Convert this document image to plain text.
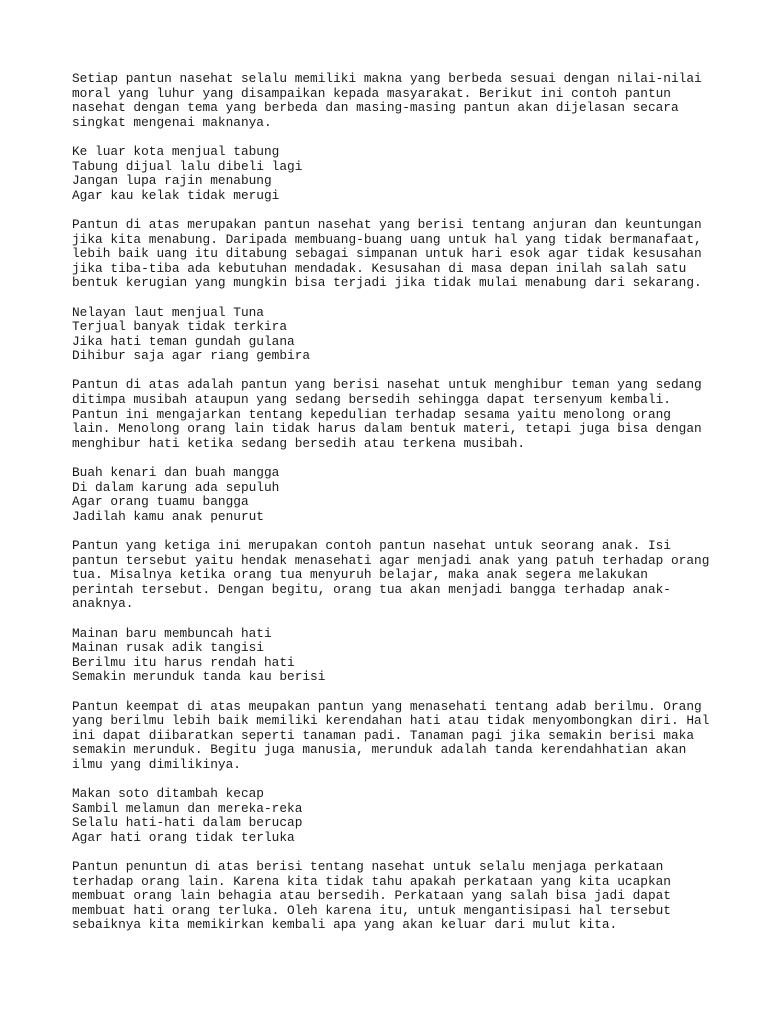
Setiap pantun nasehat selalu memiliki makna yang berbeda sesuai dengan nilai-nilai
moral yang luhur yang disampaikan kepada masyarakat. Berikut ini contoh pantun
nasehat dengan tema yang berbeda dan masing-masing pantun akan dijelasan secara
singkat mengenai maknanya.
Ke luar kota menjual tabung
Tabung dijual lalu dibeli lagi
Jangan lupa rajin menabung
Agar kau kelak tidak merugi
Pantun di atas merupakan pantun nasehat yang berisi tentang anjuran dan keuntungan
jika kita menabung. Daripada membuang-buang uang untuk hal yang tidak bermanafaat,
lebih baik uang itu ditabung sebagai simpanan untuk hari esok agar tidak kesusahan
jika tiba-tiba ada kebutuhan mendadak. Kesusahan di masa depan inilah salah satu
bentuk kerugian yang mungkin bisa terjadi jika tidak mulai menabung dari sekarang.
Nelayan laut menjual Tuna
Terjual banyak tidak terkira
Jika hati teman gundah gulana
Dihibur saja agar riang gembira
Pantun di atas adalah pantun yang berisi nasehat untuk menghibur teman yang sedang
ditimpa musibah ataupun yang sedang bersedih sehingga dapat tersenyum kembali.
Pantun ini mengajarkan tentang kepedulian terhadap sesama yaitu menolong orang
lain. Menolong orang lain tidak harus dalam bentuk materi, tetapi juga bisa dengan
menghibur hati ketika sedang bersedih atau terkena musibah.
Buah kenari dan buah mangga
Di dalam karung ada sepuluh
Agar orang tuamu bangga
Jadilah kamu anak penurut
Pantun yang ketiga ini merupakan contoh pantun nasehat untuk seorang anak. Isi
pantun tersebut yaitu hendak menasehati agar menjadi anak yang patuh terhadap orang
tua. Misalnya ketika orang tua menyuruh belajar, maka anak segera melakukan
perintah tersebut. Dengan begitu, orang tua akan menjadi bangga terhadap anak-
anaknya.
Mainan baru membuncah hati
Mainan rusak adik tangisi
Berilmu itu harus rendah hati
Semakin merunduk tanda kau berisi
Pantun keempat di atas meupakan pantun yang menasehati tentang adab berilmu. Orang
yang berilmu lebih baik memiliki kerendahan hati atau tidak menyombongkan diri. Hal
ini dapat diibaratkan seperti tanaman padi. Tanaman pagi jika semakin berisi maka
semakin merunduk. Begitu juga manusia, merunduk adalah tanda kerendahhatian akan
ilmu yang dimilikinya.
Makan soto ditambah kecap
Sambil melamun dan mereka-reka
Selalu hati-hati dalam berucap
Agar hati orang tidak terluka
Pantun penuntun di atas berisi tentang nasehat untuk selalu menjaga perkataan
terhadap orang lain. Karena kita tidak tahu apakah perkataan yang kita ucapkan
membuat orang lain behagia atau bersedih. Perkataan yang salah bisa jadi dapat
membuat hati orang terluka. Oleh karena itu, untuk mengantisipasi hal tersebut
sebaiknya kita memikirkan kembali apa yang akan keluar dari mulut kita.
